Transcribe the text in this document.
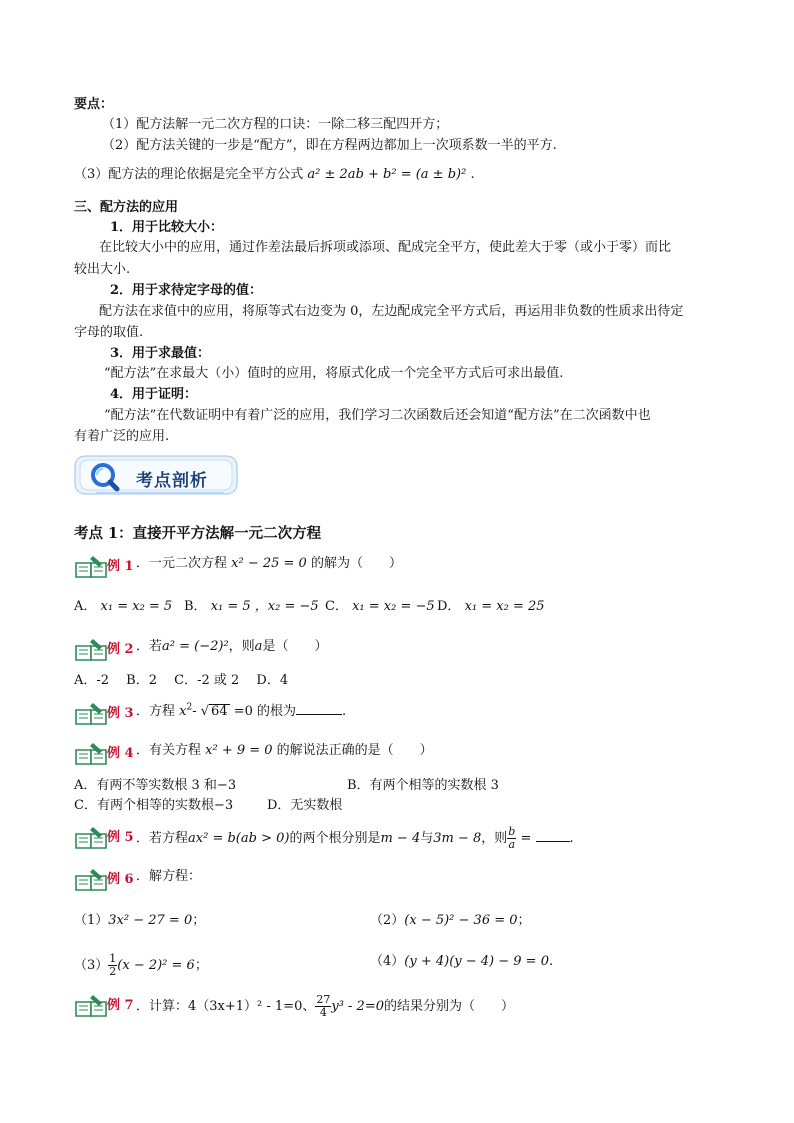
要点：
（1）配方法解一元二次方程的口诀：一除二移三配四开方；
（2）配方法关键的一步是“配方”，即在方程两边都加上一次项系数一半的平方.
（3）配方法的理论依据是完全平方公式 a² ± 2ab + b² = (a ± b)² .
三、配方法的应用
1．用于比较大小：
在比较大小中的应用，通过作差法最后拆项或添项、配成完全平方，使此差大于零（或小于零）而比
较出大小.
2．用于求待定字母的值：
配方法在求值中的应用，将原等式右边变为 0，左边配成完全平方式后，再运用非负数的性质求出待定
字母的取值.
3．用于求最值：
“配方法”在求最大（小）值时的应用，将原式化成一个完全平方式后可求出最值.
4．用于证明：
“配方法”在代数证明中有着广泛的应用，我们学习二次函数后还会知道“配方法”在二次函数中也
有着广泛的应用.
考点剖析
考点 1：直接开平方法解一元二次方程
例 1 ．一元二次方程 x² − 25 = 0 的解为（　　）
A． x₁ = x₂ = 5 B． x₁ = 5 ，x₂ = −5 C． x₁ = x₂ = −5 D． x₁ = x₂ = 25
例 2 ．若a² = (−2)²，则a是（　　）
A．-2　 B．2　 C．-2 或 2　 D．4
例 3 ．方程 $x^2-$ √ 64 =0 的根为	.
例 4 ．有关方程 x² + 9 = 0 的解说法正确的是（　　）
A．有两不等实数根 3 和−3	B．有两个相等的实数根 3
C．有两个相等的实数根−3	D．无实数根
例 5 ．若方程ax² = b(ab > 0)的两个根分别是m − 4与3m − 8，则 $\frac{b}{a}$ =	.
例 6 ．解方程：
（1）3x² − 27 = 0；	（2）(x − 5)² − 36 = 0；
$(3) \frac{1}{2} (x - 2)^2 = 6$；	（4）(y + 4)(y − 4) − 9 = 0.
例 7 ．计算：4（3x+1）² - 1=0、 $\frac{27}{4} y^3 - 2=0$的结果分别为（　　）
